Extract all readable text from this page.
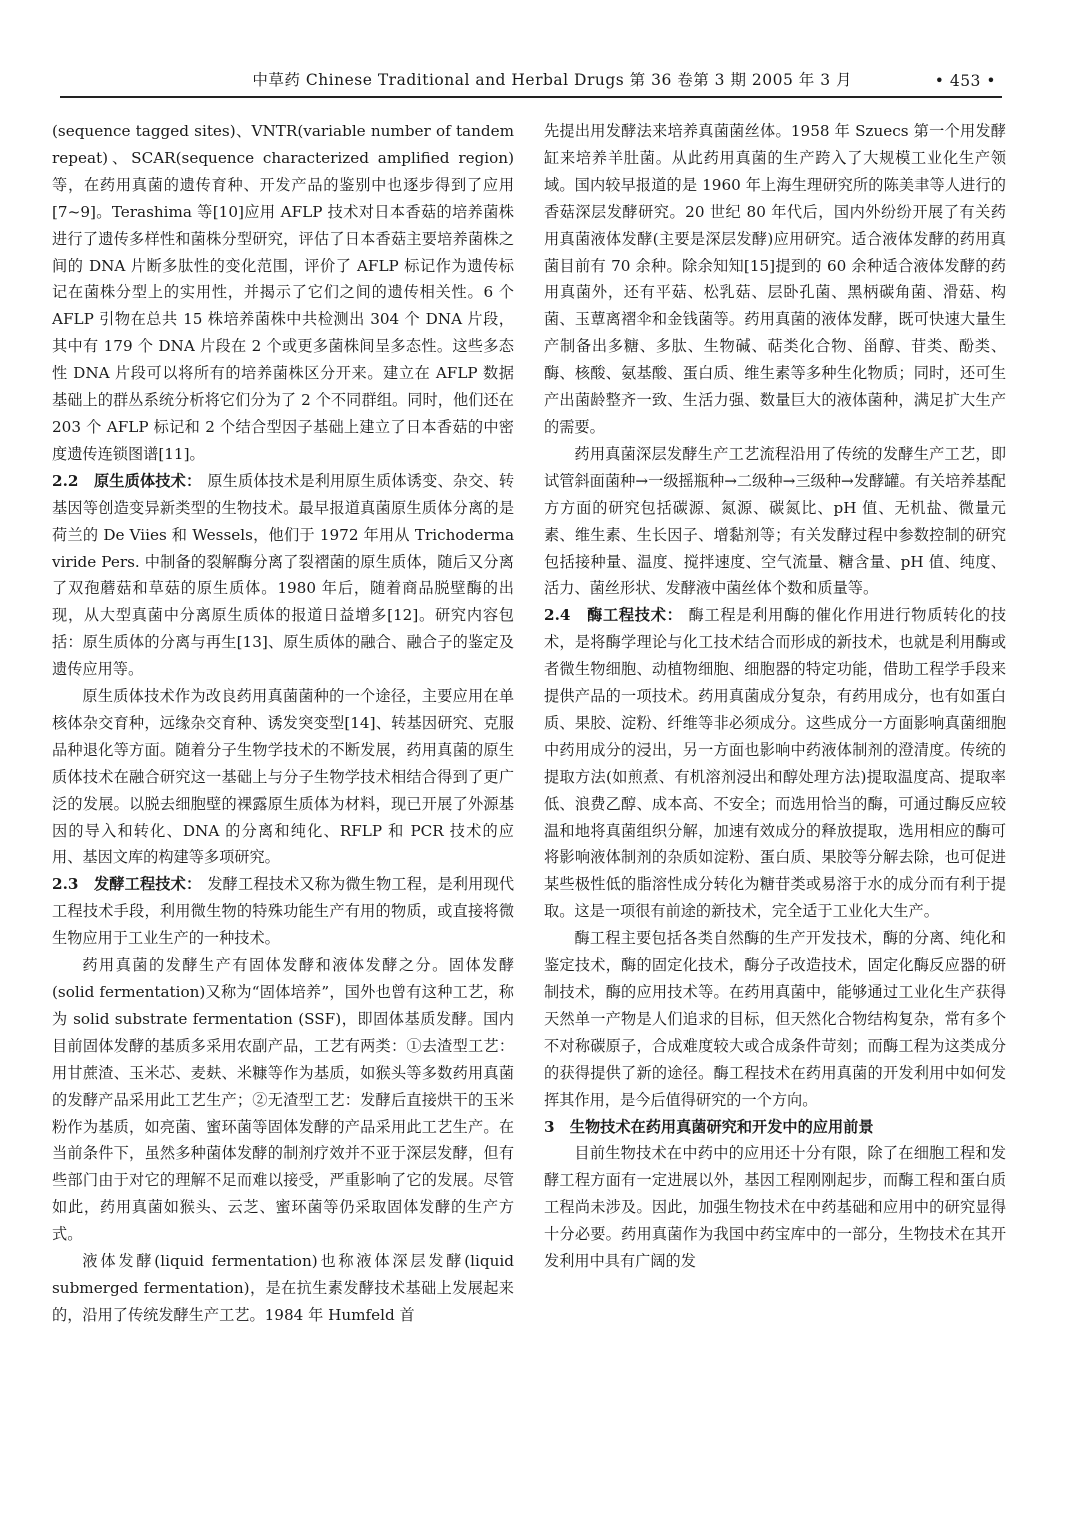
中草药 Chinese Traditional and Herbal Drugs 第 36 卷第 3 期 2005 年 3 月	• 453 •

(sequence tagged sites)、VNTR(variable number of tandem repeat)、SCAR(sequence characterized amplified region)等，在药用真菌的遗传育种、开发产品的鉴别中也逐步得到了应用[7~9]。Terashima 等[10]应用 AFLP 技术对日本香菇的培养菌株进行了遗传多样性和菌株分型研究，评估了日本香菇主要培养菌株之间的 DNA 片断多肽性的变化范围，评价了 AFLP 标记作为遗传标记在菌株分型上的实用性，并揭示了它们之间的遗传相关性。6 个 AFLP 引物在总共 15 株培养菌株中共检测出 304 个 DNA 片段，其中有 179 个 DNA 片段在 2 个或更多菌株间呈多态性。这些多态性 DNA 片段可以将所有的培养菌株区分开来。建立在 AFLP 数据基础上的群丛系统分析将它们分为了 2 个不同群组。同时，他们还在 203 个 AFLP 标记和 2 个结合型因子基础上建立了日本香菇的中密度遗传连锁图谱[11]。

2.2　 原生质体技术： 原生质体技术是利用原生质体诱变、杂交、转基因等创造变异新类型的生物技术。最早报道真菌原生质体分离的是荷兰的 De Viies 和 Wessels，他们于 1972 年用从 Trichoderma viride Pers. 中制备的裂解酶分离了裂褶菌的原生质体，随后又分离了双孢蘑菇和草菇的原生质体。1980 年后，随着商品脱壁酶的出现，从大型真菌中分离原生质体的报道日益增多[12]。研究内容包括：原生质体的分离与再生[13]、原生质体的融合、融合子的鉴定及遗传应用等。

原生质体技术作为改良药用真菌菌种的一个途径，主要应用在单核体杂交育种，远缘杂交育种、诱发突变型[14]、转基因研究、克服品种退化等方面。随着分子生物学技术的不断发展，药用真菌的原生质体技术在融合研究这一基础上与分子生物学技术相结合得到了更广泛的发展。以脱去细胞壁的裸露原生质体为材料，现已开展了外源基因的导入和转化、DNA 的分离和纯化、RFLP 和 PCR 技术的应用、基因文库的构建等多项研究。

2.3　 发酵工程技术： 发酵工程技术又称为微生物工程，是利用现代工程技术手段，利用微生物的特殊功能生产有用的物质，或直接将微生物应用于工业生产的一种技术。

药用真菌的发酵生产有固体发酵和液体发酵之分。固体发酵(solid fermentation)又称为“固体培养”，国外也曾有这种工艺，称为 solid substrate fermentation (SSF)，即固体基质发酵。国内目前固体发酵的基质多采用农副产品，工艺有两类：①去渣型工艺：用甘蔗渣、玉米芯、麦麸、米糠等作为基质，如猴头等多数药用真菌的发酵产品采用此工艺生产；②无渣型工艺：发酵后直接烘干的玉米粉作为基质，如亮菌、蜜环菌等固体发酵的产品采用此工艺生产。在当前条件下，虽然多种菌体发酵的制剂疗效并不亚于深层发酵，但有些部门由于对它的理解不足而难以接受，严重影响了它的发展。尽管如此，药用真菌如猴头、云芝、蜜环菌等仍采取固体发酵的生产方式。

液体发酵(liquid fermentation)也称液体深层发酵(liquid submerged fermentation)，是在抗生素发酵技术基础上发展起来的，沿用了传统发酵生产工艺。1984 年 Humfeld 首

先提出用发酵法来培养真菌菌丝体。1958 年 Szuecs 第一个用发酵缸来培养羊肚菌。从此药用真菌的生产跨入了大规模工业化生产领域。国内较早报道的是 1960 年上海生理研究所的陈美聿等人进行的香菇深层发酵研究。20 世纪 80 年代后，国内外纷纷开展了有关药用真菌液体发酵(主要是深层发酵)应用研究。适合液体发酵的药用真菌目前有 70 余种。除余知知[15]提到的 60 余种适合液体发酵的药用真菌外，还有平菇、松乳菇、层卧孔菌、黑柄碳角菌、滑菇、构菌、玉蕈离褶伞和金钱菌等。药用真菌的液体发酵，既可快速大量生产制备出多糖、多肽、生物碱、萜类化合物、甾醇、苷类、酚类、酶、核酸、氨基酸、蛋白质、维生素等多种生化物质；同时，还可生产出菌龄整齐一致、生活力强、数量巨大的液体菌种，满足扩大生产的需要。

药用真菌深层发酵生产工艺流程沿用了传统的发酵生产工艺，即试管斜面菌种→一级摇瓶种→二级种→三级种→发酵罐。有关培养基配方方面的研究包括碳源、氮源、碳氮比、pH 值、无机盐、微量元素、维生素、生长因子、增黏剂等；有关发酵过程中参数控制的研究包括接种量、温度、搅拌速度、空气流量、糖含量、pH 值、纯度、活力、菌丝形状、发酵液中菌丝体个数和质量等。

2.4　 酶工程技术： 酶工程是利用酶的催化作用进行物质转化的技术，是将酶学理论与化工技术结合而形成的新技术，也就是利用酶或者微生物细胞、动植物细胞、细胞器的特定功能，借助工程学手段来提供产品的一项技术。药用真菌成分复杂，有药用成分，也有如蛋白质、果胶、淀粉、纤维等非必须成分。这些成分一方面影响真菌细胞中药用成分的浸出，另一方面也影响中药液体制剂的澄清度。传统的提取方法(如煎煮、有机溶剂浸出和醇处理方法)提取温度高、提取率低、浪费乙醇、成本高、不安全；而选用恰当的酶，可通过酶反应较温和地将真菌组织分解，加速有效成分的释放提取，选用相应的酶可将影响液体制剂的杂质如淀粉、蛋白质、果胶等分解去除，也可促进某些极性低的脂溶性成分转化为糖苷类或易溶于水的成分而有利于提取。这是一项很有前途的新技术，完全适于工业化大生产。

酶工程主要包括各类自然酶的生产开发技术，酶的分离、纯化和鉴定技术，酶的固定化技术，酶分子改造技术，固定化酶反应器的研制技术，酶的应用技术等。在药用真菌中，能够通过工业化生产获得天然单一产物是人们追求的目标，但天然化合物结构复杂，常有多个不对称碳原子，合成难度较大或合成条件苛刻；而酶工程为这类成分的获得提供了新的途径。酶工程技术在药用真菌的开发利用中如何发挥其作用，是今后值得研究的一个方向。

3　生物技术在药用真菌研究和开发中的应用前景

目前生物技术在中药中的应用还十分有限，除了在细胞工程和发酵工程方面有一定进展以外，基因工程刚刚起步，而酶工程和蛋白质工程尚未涉及。因此，加强生物技术在中药基础和应用中的研究显得十分必要。药用真菌作为我国中药宝库中的一部分，生物技术在其开发利用中具有广阔的发
